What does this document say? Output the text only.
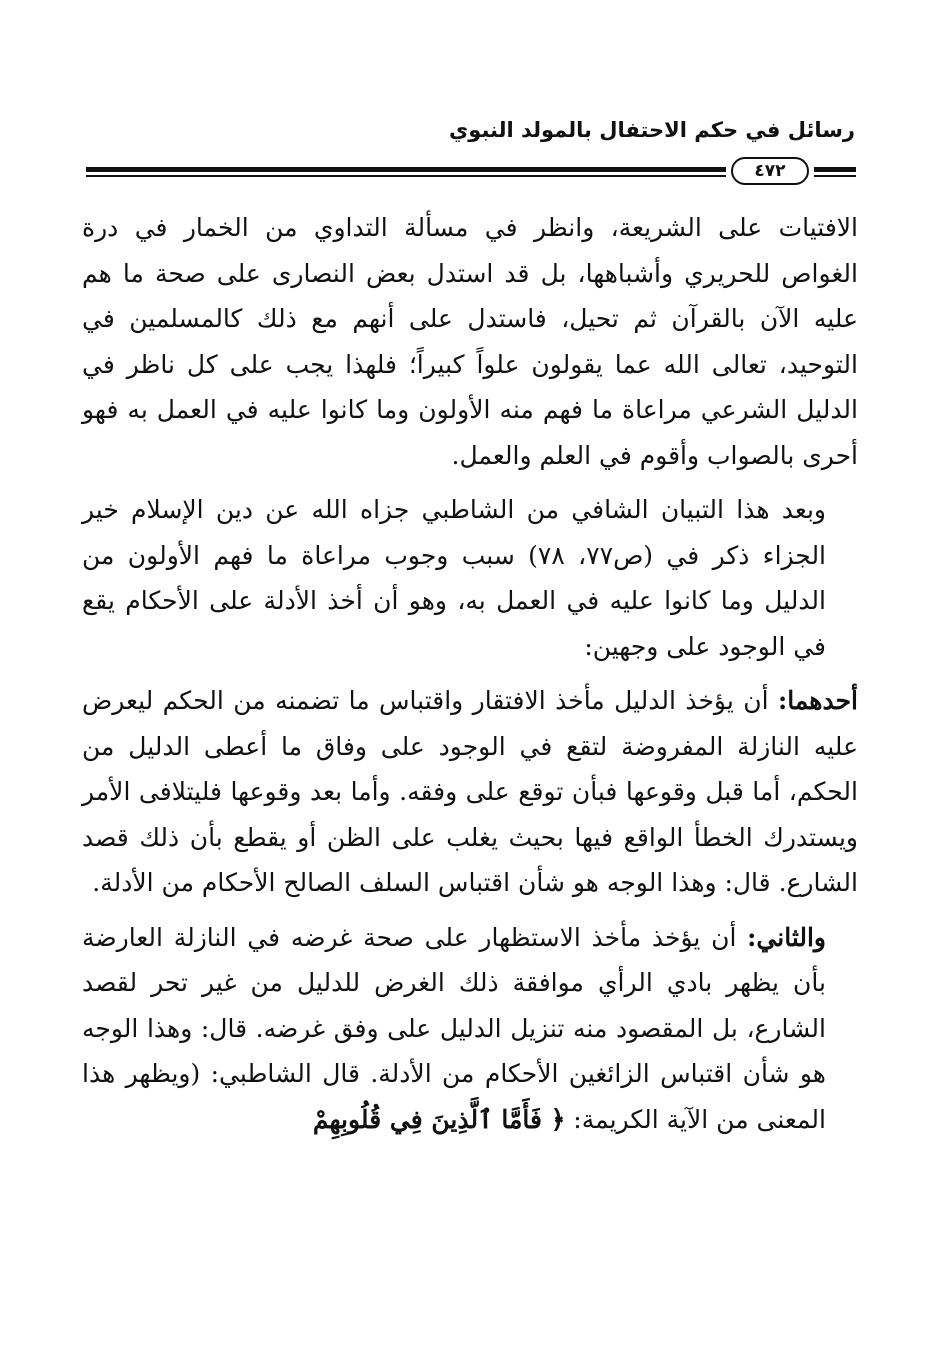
رسائل في حكم الاحتفال بالمولد النبوي
٤٧٢

الافتيات على الشريعة، وانظر في مسألة التداوي من الخمار في درة الغواص للحريري وأشباهها، بل قد استدل بعض النصارى على صحة ما هم عليه الآن بالقرآن ثم تحيل، فاستدل على أنهم مع ذلك كالمسلمين في التوحيد، تعالى الله عما يقولون علواً كبيراً؛ فلهذا يجب على كل ناظر في الدليل الشرعي مراعاة ما فهم منه الأولون وما كانوا عليه في العمل به فهو أحرى بالصواب وأقوم في العلم والعمل.

وبعد هذا التبيان الشافي من الشاطبي جزاه الله عن دين الإسلام خير الجزاء ذكر في (ص٧٧، ٧٨) سبب وجوب مراعاة ما فهم الأولون من الدليل وما كانوا عليه في العمل به، وهو أن أخذ الأدلة على الأحكام يقع في الوجود على وجهين:

أحدهما: أن يؤخذ الدليل مأخذ الافتقار واقتباس ما تضمنه من الحكم ليعرض عليه النازلة المفروضة لتقع في الوجود على وفاق ما أعطى الدليل من الحكم، أما قبل وقوعها فبأن توقع على وفقه. وأما بعد وقوعها فليتلافى الأمر ويستدرك الخطأ الواقع فيها بحيث يغلب على الظن أو يقطع بأن ذلك قصد الشارع. قال: وهذا الوجه هو شأن اقتباس السلف الصالح الأحكام من الأدلة.

والثاني: أن يؤخذ مأخذ الاستظهار على صحة غرضه في النازلة العارضة بأن يظهر بادي الرأي موافقة ذلك الغرض للدليل من غير تحر لقصد الشارع، بل المقصود منه تنزيل الدليل على وفق غرضه. قال: وهذا الوجه هو شأن اقتباس الزائغين الأحكام من الأدلة. قال الشاطبي: (ويظهر هذا المعنى من الآية الكريمة: ﴿ فَأَمَّا ٱلَّذِينَ فِي قُلُوبِهِمْ
